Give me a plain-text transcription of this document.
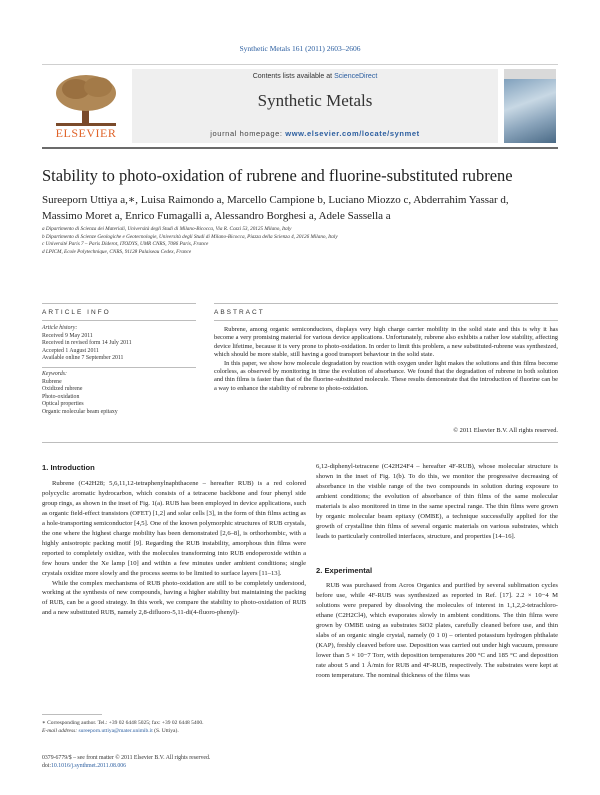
Synthetic Metals 161 (2011) 2603–2606
ELSEVIER
Contents lists available at ScienceDirect
Synthetic Metals
journal homepage: www.elsevier.com/locate/synmet
Stability to photo-oxidation of rubrene and fluorine-substituted rubrene
Sureeporn Uttiya a,∗, Luisa Raimondo a, Marcello Campione b, Luciano Miozzo c, Abderrahim Yassar d,
Massimo Moret a, Enrico Fumagalli a, Alessandro Borghesi a, Adele Sassella a
a Dipartimento di Scienza dei Materiali, Università degli Studi di Milano-Bicocca, Via R. Cozzi 53, 20125 Milano, Italy
b Dipartimento di Scienze Geologiche e Geotecnologie, Università degli Studi di Milano-Bicocca, Piazza della Scienza 4, 20126 Milano, Italy
c Université Paris 7 – Paris Diderot, ITODYS, UMR CNRS, 7086 Paris, France
d LPICM, Ecole Polytechnique, CNRS, 91128 Palaiseau Cedex, France
ARTICLE INFO	ABSTRACT
Article history:
Received 9 May 2011
Received in revised form 14 July 2011
Accepted 1 August 2011
Available online 7 September 2011
Keywords:
Rubrene
Oxidized rubrene
Photo-oxidation
Optical properties
Organic molecular beam epitaxy

Rubrene, among organic semiconductors, displays very high charge carrier mobility in the solid state and this is why it has become a very promising material for various device applications. Unfortunately, rubrene also exhibits a rather low stability, affecting device lifetime, because it is very prone to photo-oxidation. In order to limit this problem, a new substituted-rubrene was synthesized, which should be more stable, still having a good transport behaviour in the solid state.

In this paper, we show how molecule degradation by reaction with oxygen under light makes the solutions and thin films become colorless, as observed by monitoring in time the evolution of absorbance. We found that the degradation of rubrene in both solution and thin films is faster than that of the fluorine-substituted molecule. These results demonstrate that the introduction of fluorine can be a way to enhance the stability of rubrene to photo-oxidation.

© 2011 Elsevier B.V. All rights reserved.
1. Introduction

Rubrene (C42H28; 5,6,11,12-tetraphenylnaphthacene – hereafter RUB) is a red colored polycyclic aromatic hydrocarbon, which consists of a tetracene backbone and four phenyl side group rings, as shown in the inset of Fig. 1(a). RUB has been employed in device applications, such as organic field-effect transistors (OFET) [1,2] and solar cells [3], in the form of thin films acting as a hole-transporting semiconductor [4,5]. One of the known polymorphic structures of RUB crystals, the one where the highest charge mobility has been demonstrated [2,6–8], is orthorhombic, with a highly anisotropic packing motif [9]. Regarding the RUB instability, amorphous thin films were reported to completely oxidize, with the molecules transforming into RUB endoperoxide within a few hours under the Xe lamp [10] and within a few minutes under ambient conditions; single crystals oxidize more slowly and the process seems to be limited to surface layers [11–13].

While the complex mechanisms of RUB photo-oxidation are still to be completely understood, working at the synthesis of new compounds, having a higher stability but maintaining the packing of RUB, can be a good strategy. In this work, we compare the stability to photo-oxidation of RUB and a new substituted RUB, namely 2,8-difluoro-5,11-di(4-fluoro-phenyl)-

6,12-diphenyl-tetracene (C42H24F4 – hereafter 4F-RUB), whose molecular structure is shown in the inset of Fig. 1(b). To do this, we monitor the progressive decreasing of absorbance in the visible range of the two compounds in solution during exposure to ambient conditions; the evolution of absorbance of thin films of the same molecular materials is also monitored in time in the same spectral range. The thin films were grown by organic molecular beam epitaxy (OMBE), a technique successfully applied for the growth of crystalline thin films of several organic materials on various substrates, which leads to particularly controlled interfaces, structure, and properties [14–16].

2. Experimental

RUB was purchased from Acros Organics and purified by several sublimation cycles before use, while 4F-RUB was synthesized as reported in Ref. [17]. 2.2 × 10−4 M solutions were prepared by dissolving the molecules of interest in 1,1,2,2-tetrachloro-ethane (C2H2Cl4), which evaporates slowly in ambient conditions. The thin films were grown by OMBE using as substrates SiO2 plates, carefully cleaned before use, and thin slabs of an organic single crystal, namely (0 1 0) – oriented potassium hydrogen phthalate (KAP), freshly cleaved before use. Deposition was carried out under high vacuum, pressure lower than 5 × 10−7 Torr, with deposition temperatures 200 °C and 185 °C and deposition rate about 5 and 1 Å/min for RUB and 4F-RUB, respectively. The substrates were kept at room temperature. The nominal thickness of the films was

∗ Corresponding author. Tel.: +39 02 6448 5025; fax: +39 02 6448 5400.
E-mail address: sureeporn.uttiya@mater.unimib.it (S. Uttiya).
0379-6779/$ – see front matter © 2011 Elsevier B.V. All rights reserved.
doi:10.1016/j.synthmet.2011.08.006
